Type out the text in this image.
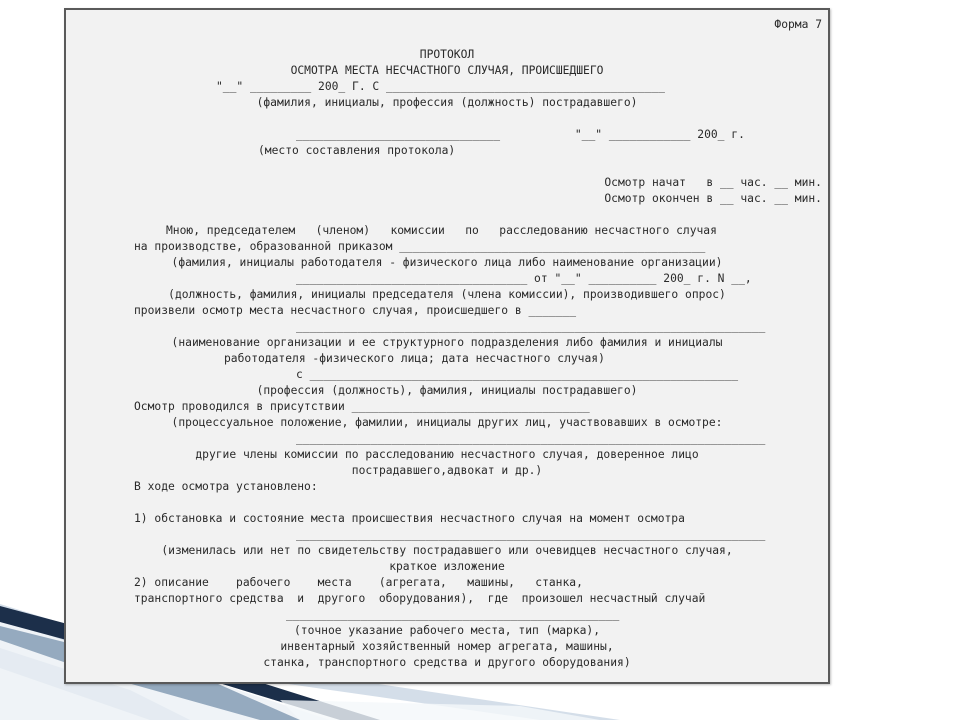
Форма 7
ПРОТОКОЛ
ОСМОТРА МЕСТА НЕСЧАСТНОГО СЛУЧАЯ, ПРОИСШЕДШЕГО
"__" _________ 200_ Г. С _________________________________________
(фамилия, инициалы, профессия (должность) пострадавшего)
______________________________           "__" ____________ 200_ г.
(место составления протокола)
Осмотр начат   в __ час. __ мин.
Осмотр окончен в __ час. __ мин.
Мною, председателем   (членом)   комиссии   по   расследованию несчастного случая
на производстве, образованной приказом _____________________________________________
(фамилия, инициалы работодателя - физического лица либо наименование организации)
__________________________________ от "__" __________ 200_ г. N __,
(должность, фамилия, инициалы председателя (члена комиссии), производившего опрос)
произвели осмотр места несчастного случая, происшедшего в _______
_____________________________________________________________________
(наименование организации и ее структурного подразделения либо фамилия и инициалы
работодателя -физического лица; дата несчастного случая)
с _______________________________________________________________
(профессия (должность), фамилия, инициалы пострадавшего)
Осмотр проводился в присутствии ___________________________________
(процессуальное положение, фамилии, инициалы других лиц, участвовавших в осмотре:
_____________________________________________________________________
другие члены комиссии по расследованию несчастного случая, доверенное лицо
пострадавшего,адвокат и др.)
В ходе осмотра установлено:
1) обстановка и состояние места происшествия несчастного случая на момент осмотра
_____________________________________________________________________
(изменилась или нет по свидетельству пострадавшего или очевидцев несчастного случая,
краткое изложение
2) описание    рабочего    места    (агрегата,   машины,   станка,
транспортного средства  и  другого  оборудования),  где  произошел несчастный случай
_________________________________________________
(точное указание рабочего места, тип (марка),
инвентарный хозяйственный номер агрегата, машины,
станка, транспортного средства и другого оборудования)
